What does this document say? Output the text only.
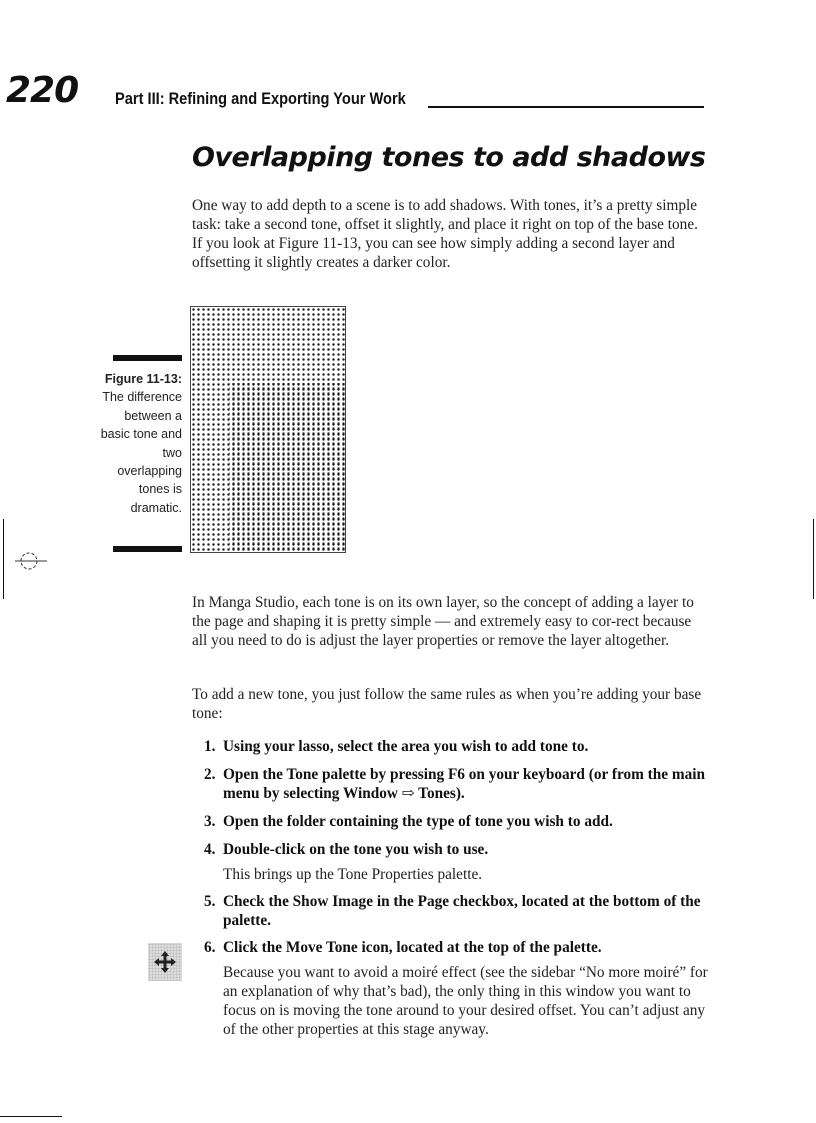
220 Part III: Refining and Exporting Your Work
Overlapping tones to add shadows

One way to add depth to a scene is to add shadows. With tones, it’s a pretty simple task: take a second tone, offset it slightly, and place it right on top of the base tone. If you look at Figure 11-13, you can see how simply adding a second layer and offsetting it slightly creates a darker color.

Figure 11-13:
The difference between a basic tone and two overlapping tones is dramatic.

In Manga Studio, each tone is on its own layer, so the concept of adding a layer to the page and shaping it is pretty simple — and extremely easy to cor-rect because all you need to do is adjust the layer properties or remove the layer altogether.

To add a new tone, you just follow the same rules as when you’re adding your base tone:

1. Using your lasso, select the area you wish to add tone to.
2. Open the Tone palette by pressing F6 on your keyboard (or from the main menu by selecting Window ⇨ Tones).
3. Open the folder containing the type of tone you wish to add.
4. Double-click on the tone you wish to use.
This brings up the Tone Properties palette.
5. Check the Show Image in the Page checkbox, located at the bottom of the palette.
6. Click the Move Tone icon, located at the top of the palette.
Because you want to avoid a moiré effect (see the sidebar “No more moiré” for an explanation of why that’s bad), the only thing in this window you want to focus on is moving the tone around to your desired offset. You can’t adjust any of the other properties at this stage anyway.
